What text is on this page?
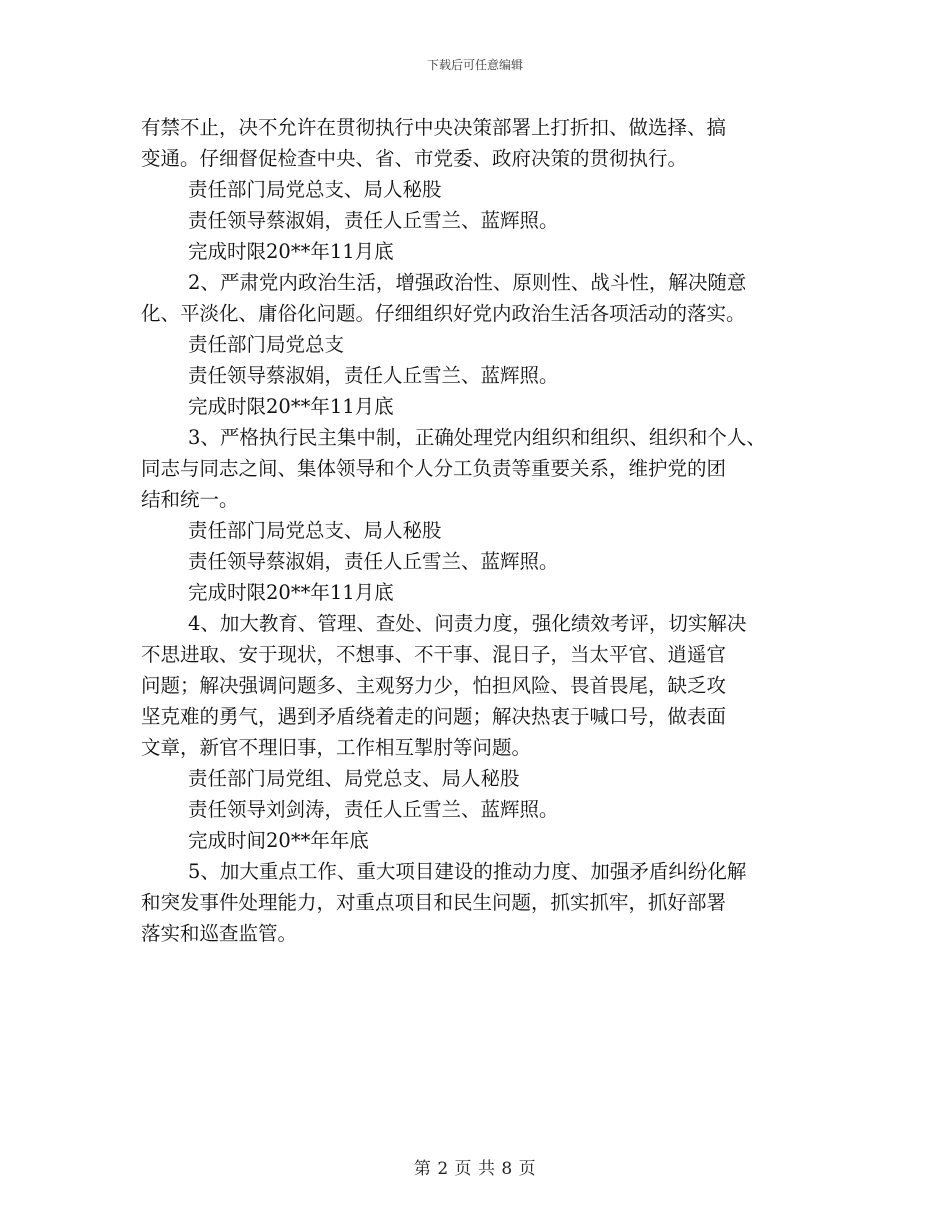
下载后可任意编辑
有禁不止，决不允许在贯彻执行中央决策部署上打折扣、做选择、搞
变通。仔细督促检查中央、省、市党委、政府决策的贯彻执行。
责任部门局党总支、局人秘股
责任领导蔡淑娟，责任人丘雪兰、蓝辉照。
完成时限20**年11月底
2、严肃党内政治生活，增强政治性、原则性、战斗性，解决随意
化、平淡化、庸俗化问题。仔细组织好党内政治生活各项活动的落实。
责任部门局党总支
责任领导蔡淑娟，责任人丘雪兰、蓝辉照。
完成时限20**年11月底
3、严格执行民主集中制，正确处理党内组织和组织、组织和个人、
同志与同志之间、集体领导和个人分工负责等重要关系，维护党的团
结和统一。
责任部门局党总支、局人秘股
责任领导蔡淑娟，责任人丘雪兰、蓝辉照。
完成时限20**年11月底
4、加大教育、管理、查处、问责力度，强化绩效考评，切实解决
不思进取、安于现状，不想事、不干事、混日子，当太平官、逍遥官
问题；解决强调问题多、主观努力少，怕担风险、畏首畏尾，缺乏攻
坚克难的勇气，遇到矛盾绕着走的问题；解决热衷于喊口号，做表面
文章，新官不理旧事，工作相互掣肘等问题。
责任部门局党组、局党总支、局人秘股
责任领导刘剑涛，责任人丘雪兰、蓝辉照。
完成时间20**年年底
5、加大重点工作、重大项目建设的推动力度、加强矛盾纠纷化解
和突发事件处理能力，对重点项目和民生问题，抓实抓牢，抓好部署
落实和巡查监管。
第 2 页 共 8 页
